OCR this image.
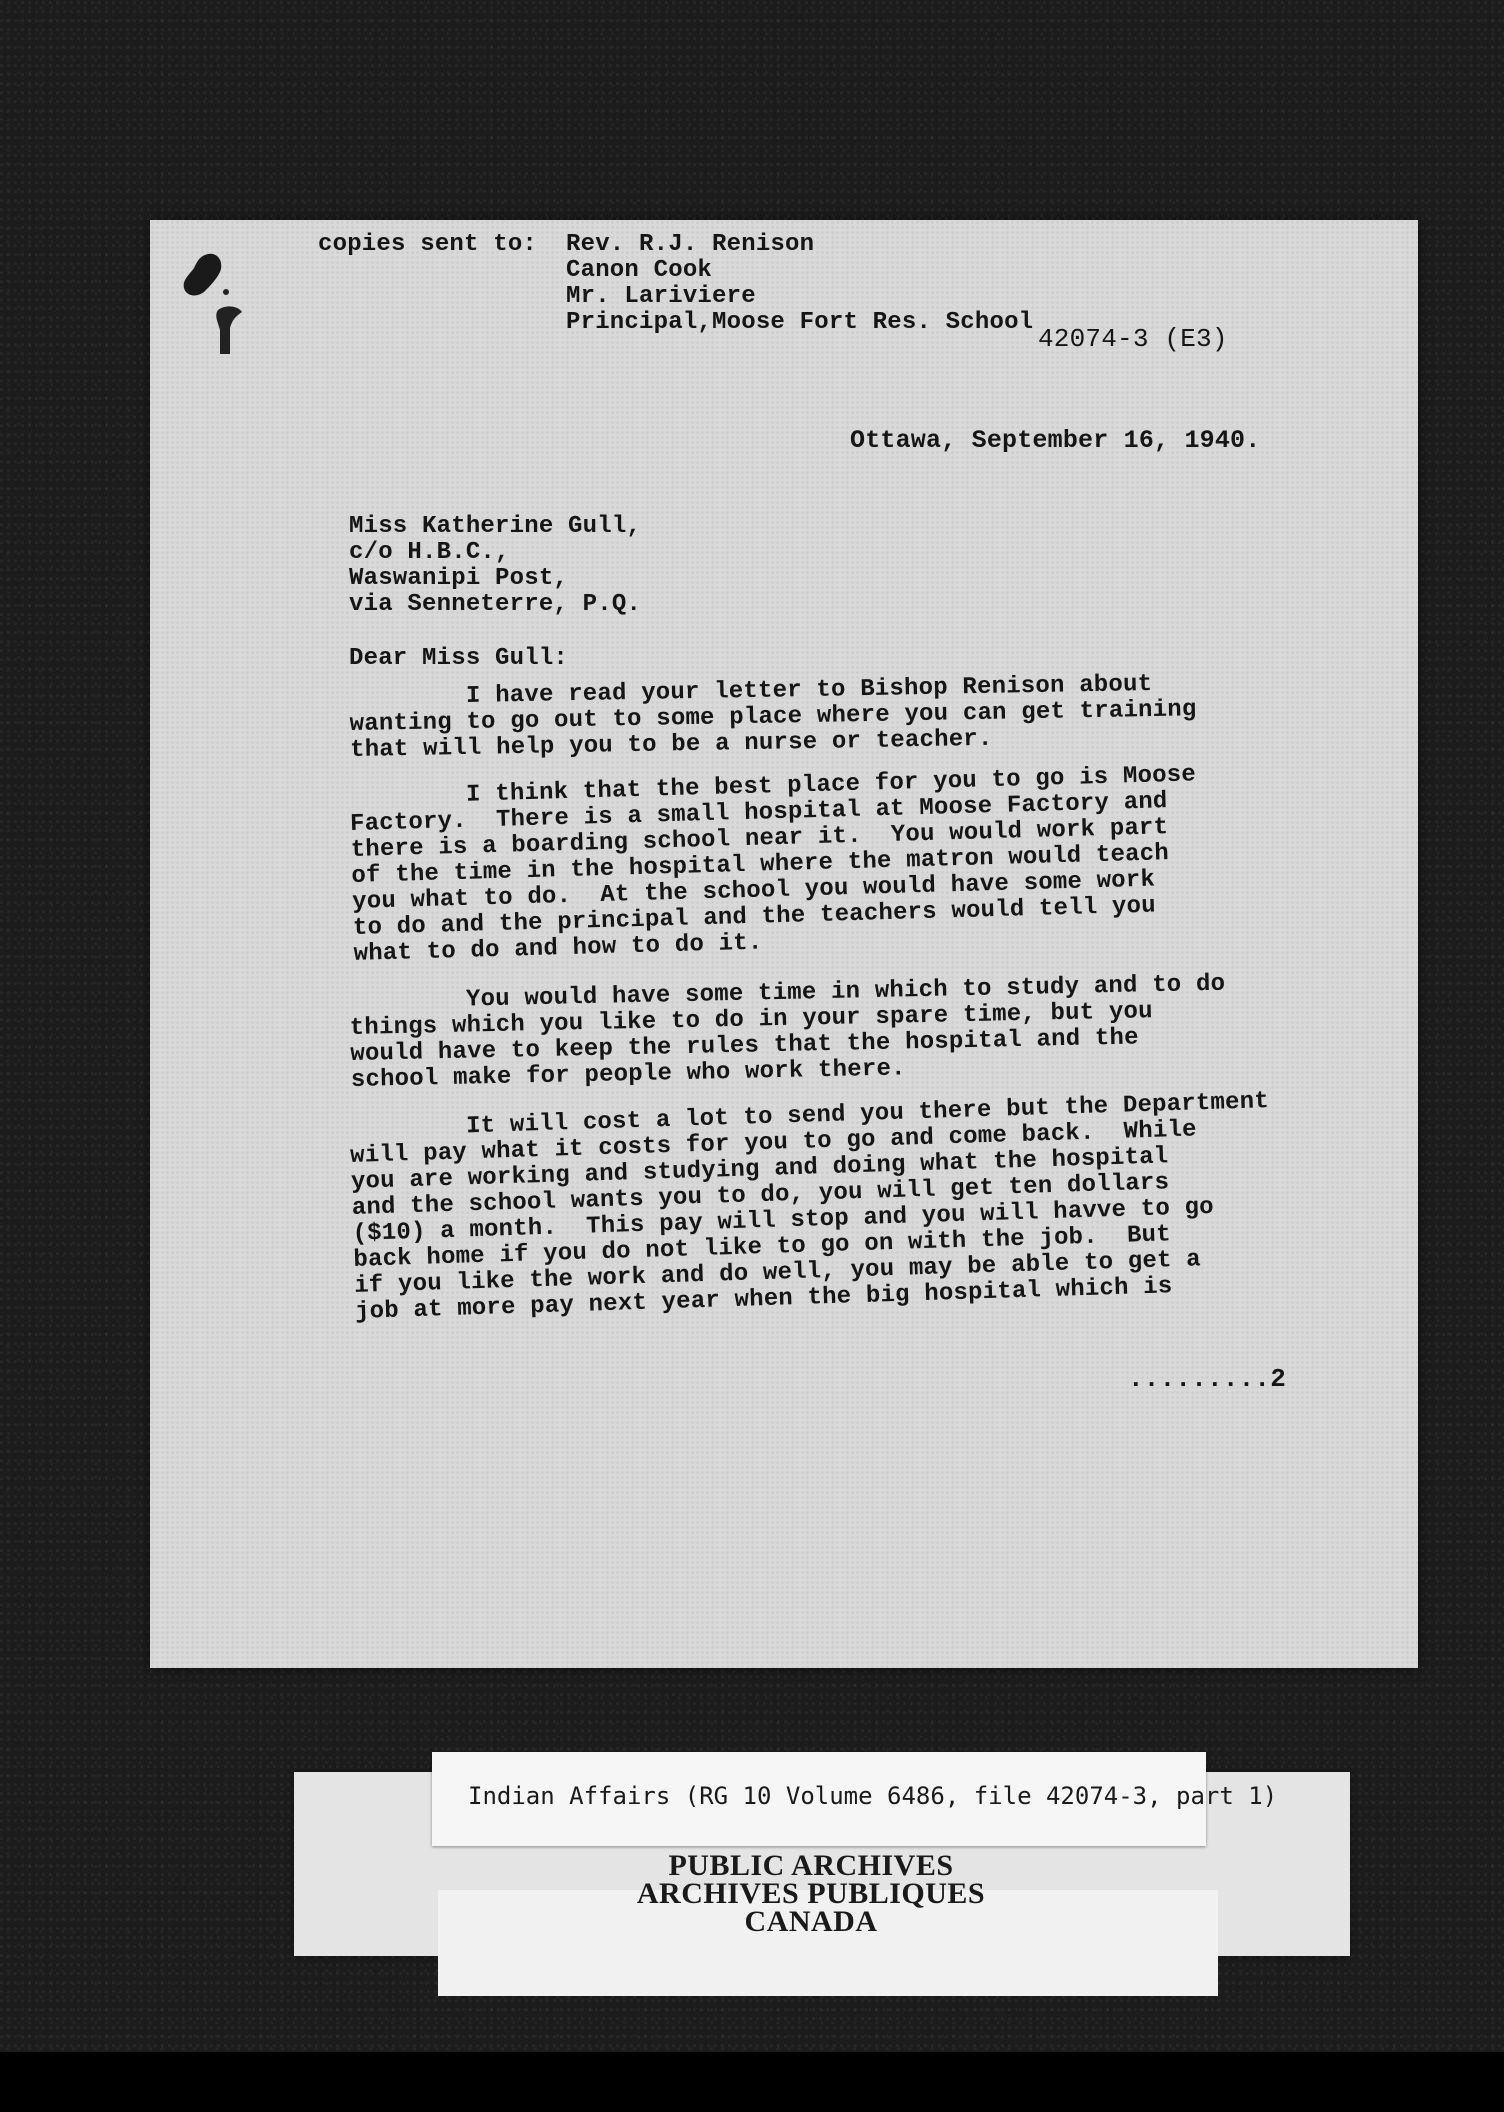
copies sent to: Rev. R.J. Renison
Canon Cook
Mr. Lariviere
Principal,Moose Fort Res. School
42074-3 (E3)
Ottawa, September 16, 1940.
Miss Katherine Gull,
c/o H.B.C.,
Waswanipi Post,
via Senneterre, P.Q.
Dear Miss Gull:
I have read your letter to Bishop Renison about
wanting to go out to some place where you can get training
that will help you to be a nurse or teacher.
I think that the best place for you to go is Moose
Factory.  There is a small hospital at Moose Factory and
there is a boarding school near it.  You would work part
of the time in the hospital where the matron would teach
you what to do.  At the school you would have some work
to do and the principal and the teachers would tell you
what to do and how to do it.
You would have some time in which to study and to do
things which you like to do in your spare time, but you
would have to keep the rules that the hospital and the
school make for people who work there.
It will cost a lot to send you there but the Department
will pay what it costs for you to go and come back.  While
you are working and studying and doing what the hospital
and the school wants you to do, you will get ten dollars
($10) a month.  This pay will stop and you will havve to go
back home if you do not like to go on with the job.  But
if you like the work and do well, you may be able to get a
job at more pay next year when the big hospital which is
.........2
Indian Affairs (RG 10 Volume 6486, file 42074-3, part 1)
PUBLIC ARCHIVES
ARCHIVES PUBLIQUES
CANADA
